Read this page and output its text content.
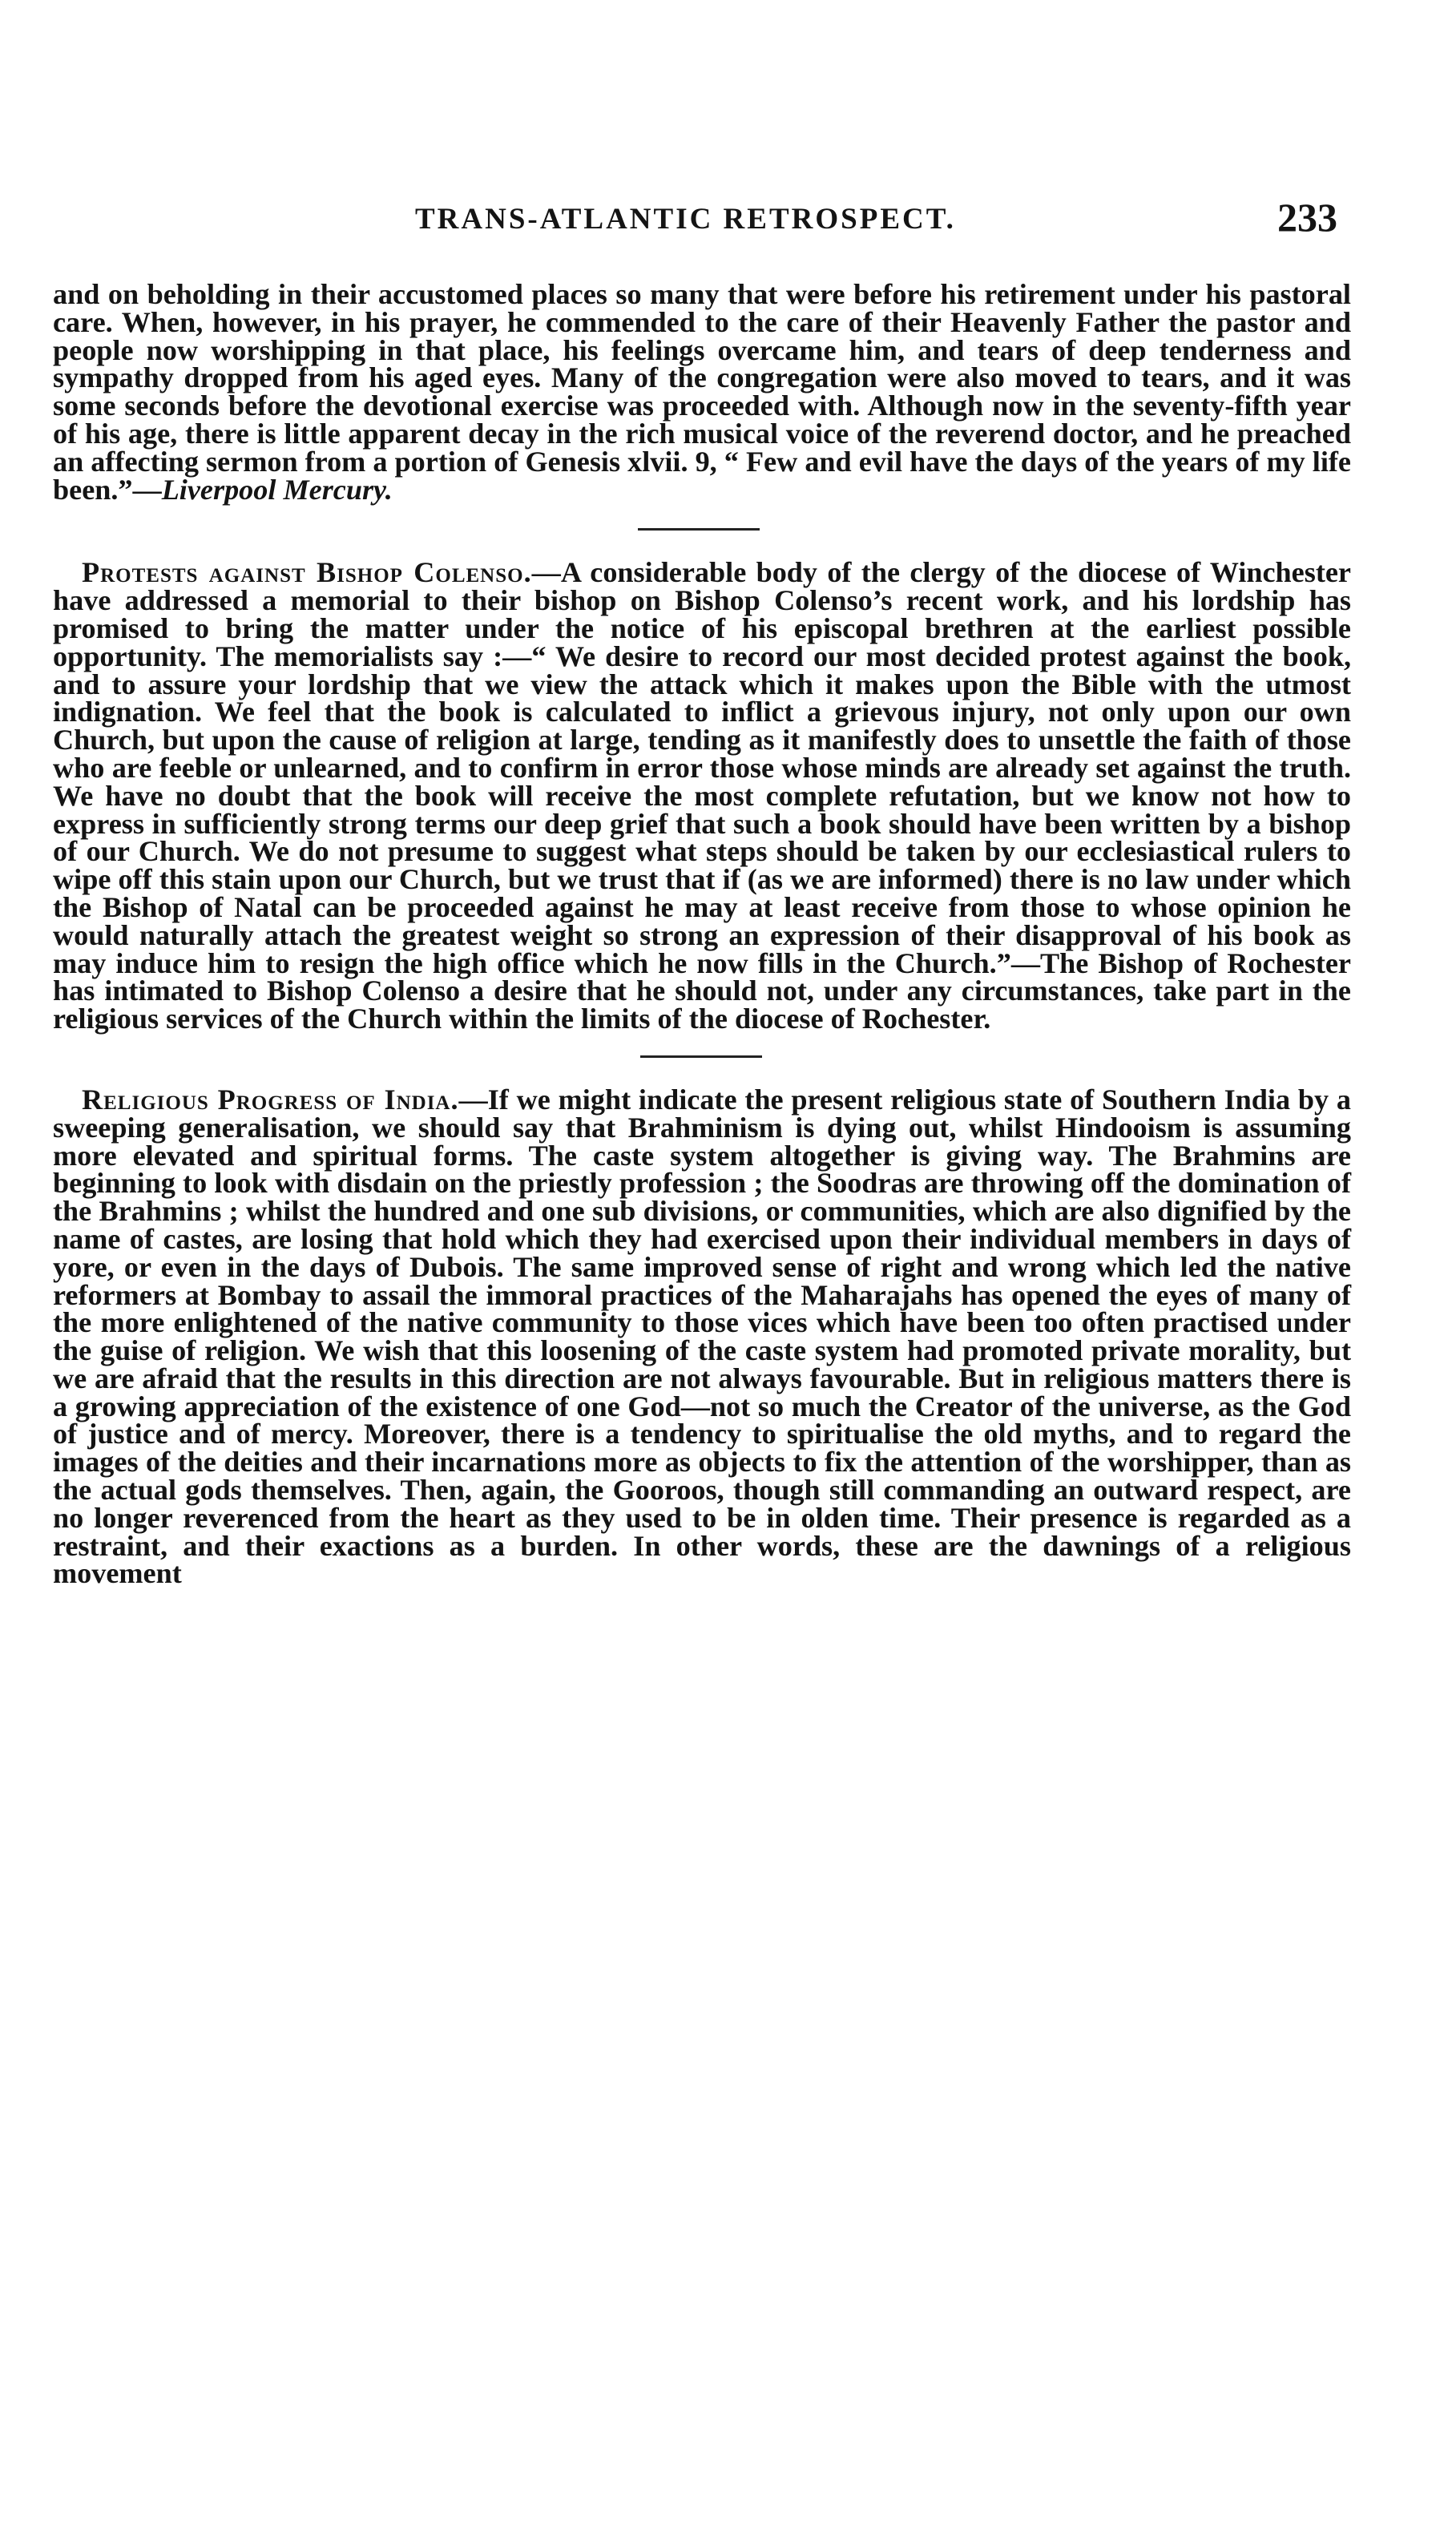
TRANS-ATLANTIC RETROSPECT.	233

and on beholding in their accustomed places so many that were before his retirement under his pastoral care. When, however, in his prayer, he commended to the care of their Heavenly Father the pastor and people now worshipping in that place, his feelings overcame him, and tears of deep tenderness and sympathy dropped from his aged eyes. Many of the congregation were also moved to tears, and it was some seconds before the devotional exercise was proceeded with. Although now in the seventy-fifth year of his age, there is little apparent decay in the rich musical voice of the reverend doctor, and he preached an affecting sermon from a portion of Genesis xlvii. 9, “ Few and evil have the days of the years of my life been.”—Liverpool Mercury.

Protests against Bishop Colenso.—A considerable body of the clergy of the diocese of Winchester have addressed a memorial to their bishop on Bishop Colenso’s recent work, and his lordship has promised to bring the matter under the notice of his episcopal brethren at the earliest possible opportunity. The memorialists say :—“ We desire to record our most decided protest against the book, and to assure your lordship that we view the attack which it makes upon the Bible with the utmost indignation. We feel that the book is calculated to inflict a grievous injury, not only upon our own Church, but upon the cause of religion at large, tending as it manifestly does to unsettle the faith of those who are feeble or unlearned, and to confirm in error those whose minds are already set against the truth. We have no doubt that the book will receive the most complete refutation, but we know not how to express in sufficiently strong terms our deep grief that such a book should have been written by a bishop of our Church. We do not presume to suggest what steps should be taken by our ecclesiastical rulers to wipe off this stain upon our Church, but we trust that if (as we are informed) there is no law under which the Bishop of Natal can be proceeded against he may at least receive from those to whose opinion he would naturally attach the greatest weight so strong an expression of their disapproval of his book as may induce him to resign the high office which he now fills in the Church.”—The Bishop of Rochester has intimated to Bishop Colenso a desire that he should not, under any circumstances, take part in the religious services of the Church within the limits of the diocese of Rochester.

Religious Progress of India.—If we might indicate the present religious state of Southern India by a sweeping generalisation, we should say that Brahminism is dying out, whilst Hindooism is assuming more elevated and spiritual forms. The caste system altogether is giving way. The Brahmins are beginning to look with disdain on the priestly profession ; the Soodras are throwing off the domination of the Brahmins ; whilst the hundred and one sub divisions, or communities, which are also dignified by the name of castes, are losing that hold which they had exercised upon their individual members in days of yore, or even in the days of Dubois. The same improved sense of right and wrong which led the native reformers at Bombay to assail the immoral practices of the Maharajahs has opened the eyes of many of the more enlightened of the native community to those vices which have been too often practised under the guise of religion. We wish that this loosening of the caste system had promoted private morality, but we are afraid that the results in this direction are not always favourable. But in religious matters there is a growing appreciation of the existence of one God—not so much the Creator of the universe, as the God of justice and of mercy. Moreover, there is a tendency to spiritualise the old myths, and to regard the images of the deities and their incarnations more as objects to fix the attention of the worshipper, than as the actual gods themselves. Then, again, the Gooroos, though still commanding an outward respect, are no longer reverenced from the heart as they used to be in olden time. Their presence is regarded as a restraint, and their exactions as a burden. In other words, these are the dawnings of a religious movement
